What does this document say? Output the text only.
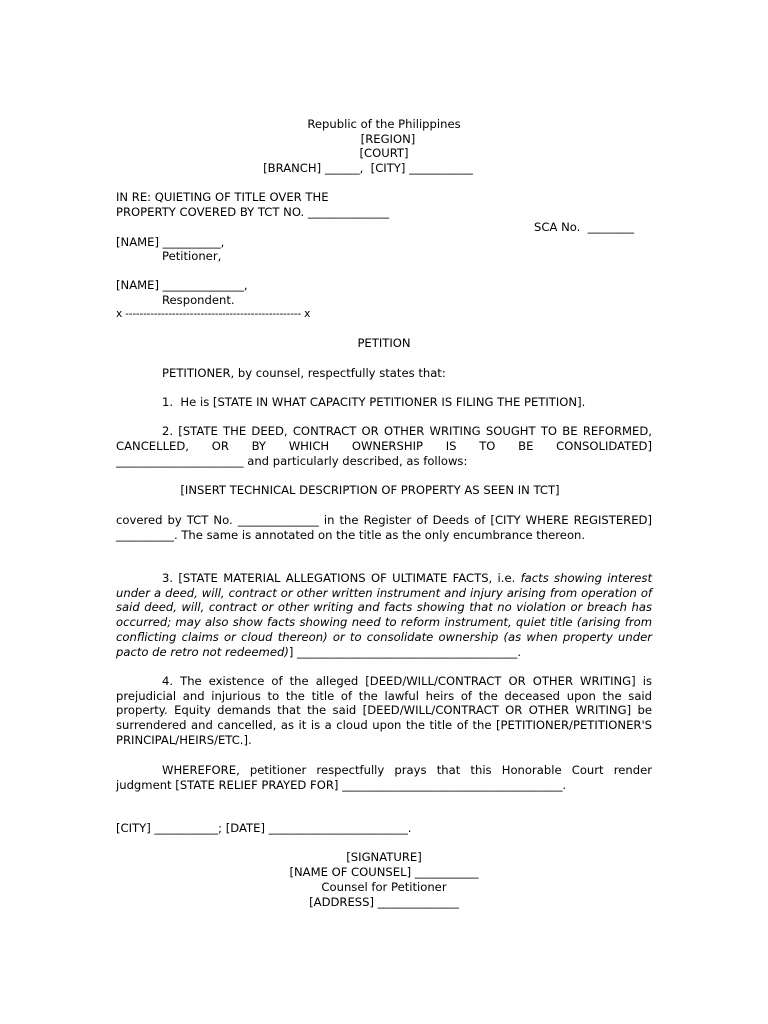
Republic of the Philippines
[REGION]
[COURT]
[BRANCH] ______,  [CITY] ___________
IN RE: QUIETING OF TITLE OVER THE
PROPERTY COVERED BY TCT NO. ______________
SCA No.  ________
[NAME] __________,
Petitioner,
[NAME] ______________,
Respondent.
x ------------------------------------------------- x
PETITION
PETITIONER, by counsel, respectfully states that:
1.  He is [STATE IN WHAT CAPACITY PETITIONER IS FILING THE PETITION].
2. [STATE THE DEED, CONTRACT OR OTHER WRITING SOUGHT TO BE REFORMED,
CANCELLED, OR BY WHICH OWNERSHIP IS TO BE CONSOLIDATED]
______________________ and particularly described, as follows:
[INSERT TECHNICAL DESCRIPTION OF PROPERTY AS SEEN IN TCT]
covered by TCT No. ______________ in the Register of Deeds of [CITY WHERE REGISTERED] __________. The same is annotated on the title as the only encumbrance thereon.
3. [STATE MATERIAL ALLEGATIONS OF ULTIMATE FACTS, i.e. facts showing interest under a deed, will, contract or other written instrument and injury arising from operation of said deed, will, contract or other writing and facts showing that no violation or breach has occurred; may also show facts showing need to reform instrument, quiet title (arising from conflicting claims or cloud thereon) or to consolidate ownership (as when property under pacto de retro not redeemed)] ______________________________________.
4. The existence of the alleged [DEED/WILL/CONTRACT OR OTHER WRITING] is prejudicial and injurious to the title of the lawful heirs of the deceased upon the said property. Equity demands that the said [DEED/WILL/CONTRACT OR OTHER WRITING] be surrendered and cancelled, as it is a cloud upon the title of the [PETITIONER/PETITIONER'S PRINCIPAL/HEIRS/ETC.].
WHEREFORE, petitioner respectfully prays that this Honorable Court render judgment [STATE RELIEF PRAYED FOR] ______________________________________.
[CITY] ___________; [DATE] ________________________.
[SIGNATURE]
[NAME OF COUNSEL] ___________
Counsel for Petitioner
[ADDRESS] ______________
